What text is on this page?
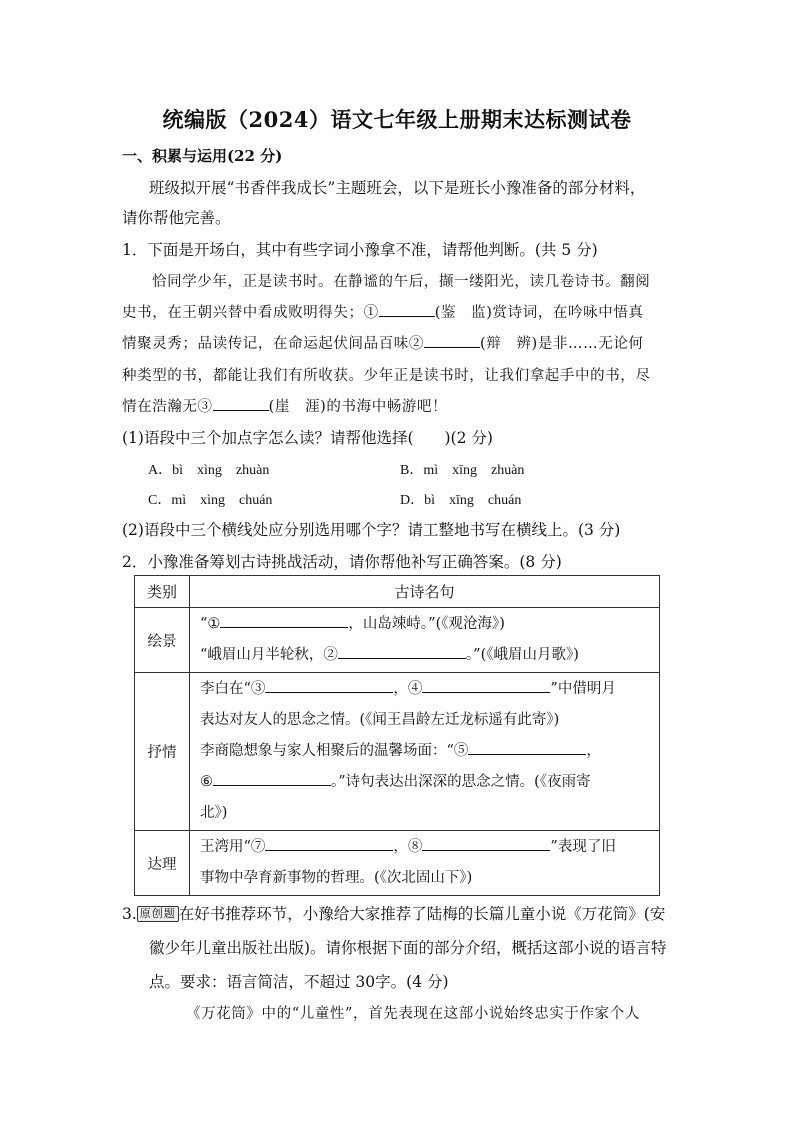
统编版（2024）语文七年级上册期末达标测试卷
一、积累与运用(22 分)
班级拟开展“书香伴我成长”主题班会，以下是班长小豫准备的部分材料，
请你帮他完善。
1．下面是开场白，其中有些字词小豫拿不准，请帮他判断。(共 5 分)
恰同学少年，正是读书时。在静谧的午后，撷一缕阳光，读几卷诗书。翻阅
史书，在王朝兴替中看成败明得失；①	(鉴　监)赏诗词，在吟咏中悟真
情聚灵秀；品读传记，在命运起伏间品百味②	(辩　辨)是非……无论何
种类型的书，都能让我们有所收获。少年正是读书时，让我们拿起手中的书，尽
情在浩瀚无③	(崖　涯)的书海中畅游吧！
(1)语段中三个加点字怎么读？请帮他选择(　　)(2 分)
A．bì　xìng　zhuàn	B．mì　xīng　zhuàn
C．mì　xìng　chuán	D．bì　xīng　chuán
(2)语段中三个横线处应分别选用哪个字？请工整地书写在横线上。(3 分)
2．小豫准备筹划古诗挑战活动，请你帮他补写正确答案。(8 分)
类别	古诗名句
绘景	“① ，山岛竦峙。”(《观沧海》)
“峨眉山月半轮秋，② 。”(《峨眉山月歌》)

抒情	李白在“③ ，④ ”中借明月
表达对友人的思念之情。(《闻王昌龄左迁龙标遥有此寄》)
李商隐想象与家人相聚后的温馨场面：“⑤ ，
⑥ 。”诗句表达出深深的思念之情。(《夜雨寄
北》)

达理	王湾用“⑦ ，⑧ ”表现了旧
事物中孕育新事物的哲理。(《次北固山下》)
3. 原创题 在好书推荐环节，小豫给大家推荐了陆梅的长篇儿童小说《万花筒》(安
徽少年儿童出版社出版)。请你根据下面的部分介绍，概括这部小说的语言特
点。要求：语言简洁，不超过 30字。(4 分)
《万花筒》中的“儿童性”，首先表现在这部小说始终忠实于作家个人
